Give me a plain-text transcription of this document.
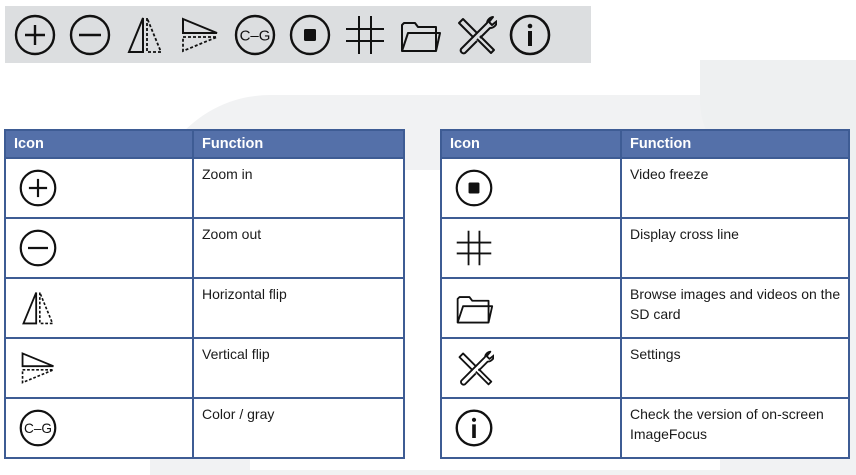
Icon	Function

	Zoom in

	Zoom out

	Horizontal flip

	Vertical flip

	Color / gray
Icon	Function

	Video freeze

	Display cross line

	Browse images and videos on the SD card

	Settings

	Check the version of on-screen ImageFocus
